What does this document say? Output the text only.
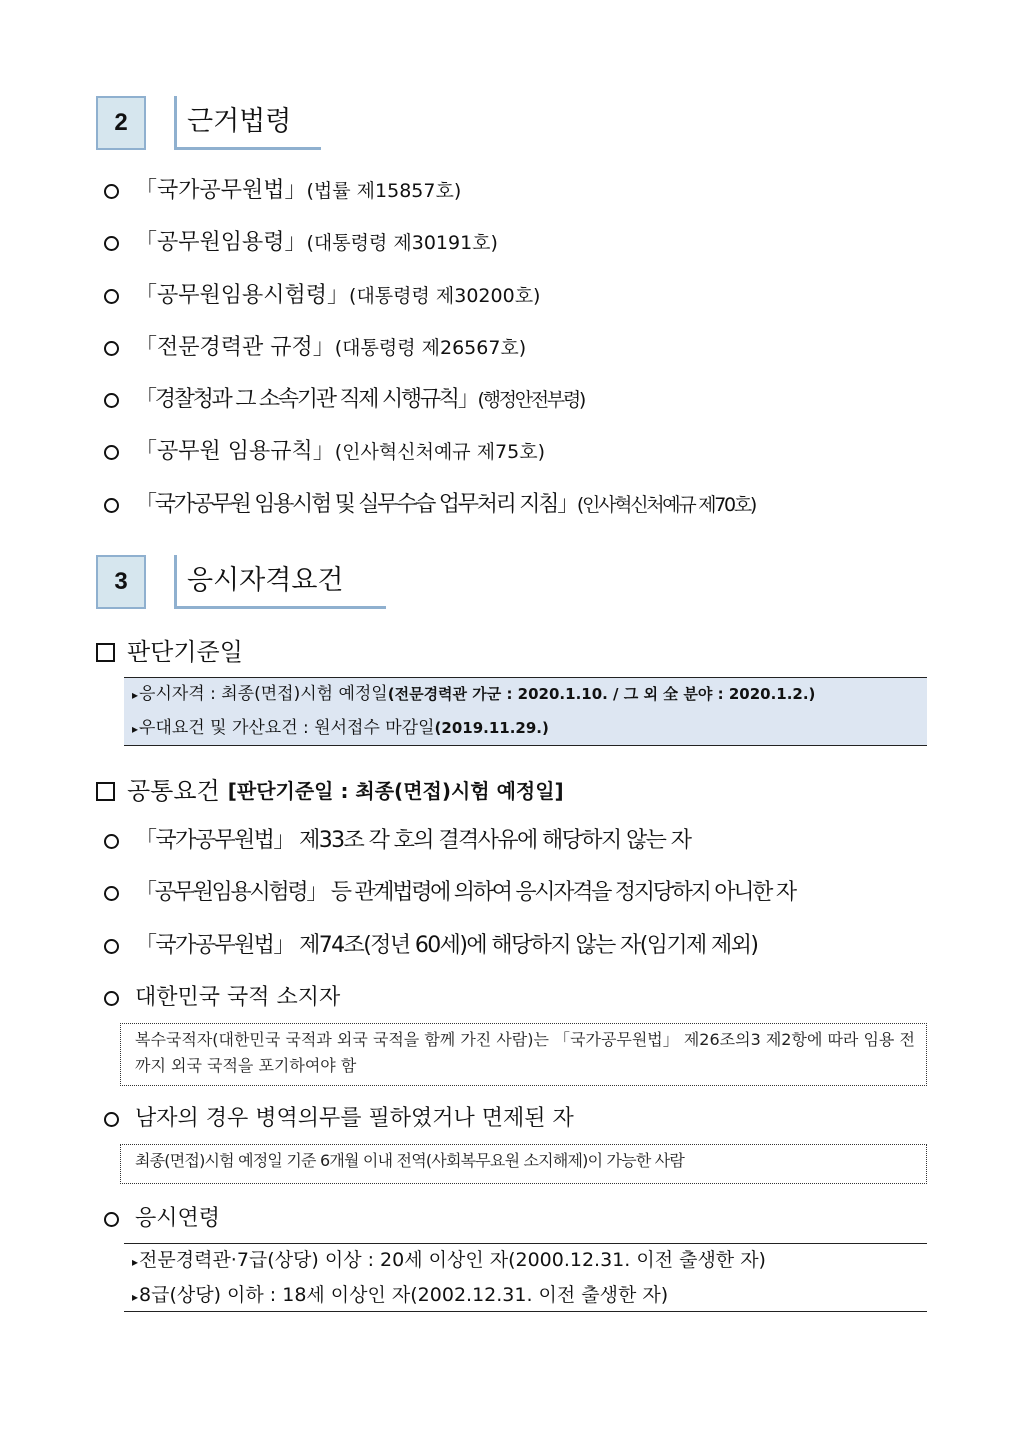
2	근거법령
「국가공무원법」 (법률 제15857호)
「공무원임용령」 (대통령령 제30191호)
「공무원임용시험령」 (대통령령 제30200호)
「전문경력관 규정」 (대통령령 제26567호)
「경찰청과 그 소속기관 직제 시행규칙」 (행정안전부령)
「공무원 임용규칙」 (인사혁신처예규 제75호)
「국가공무원 임용시험 및 실무수습 업무처리 지침」 (인사혁신처예규 제70호)
3	응시자격요건
판단기준일
▸응시자격 : 최종(면접)시험 예정일(전문경력관 가군 : 2020.1.10. / 그 외 全 분야 : 2020.1.2.)
▸우대요건 및 가산요건 : 원서접수 마감일(2019.11.29.)
공통요건 [판단기준일 : 최종(면접)시험 예정일]
「국가공무원법」 제33조 각 호의 결격사유에 해당하지 않는 자
「공무원임용시험령」 등 관계법령에 의하여 응시자격을 정지당하지 아니한 자
「국가공무원법」 제74조(정년 60세)에 해당하지 않는 자(임기제 제외)
대한민국 국적 소지자
복수국적자(대한민국 국적과 외국 국적을 함께 가진 사람)는 「국가공무원법」 제26조의3 제2항에 따라 임용 전까지 외국 국적을 포기하여야 함
남자의 경우 병역의무를 필하였거나 면제된 자
최종(면접)시험 예정일 기준 6개월 이내 전역(사회복무요원 소지해제)이 가능한 사람
응시연령
▸전문경력관·7급(상당) 이상 : 20세 이상인 자(2000.12.31. 이전 출생한 자)
▸8급(상당) 이하 : 18세 이상인 자(2002.12.31. 이전 출생한 자)
